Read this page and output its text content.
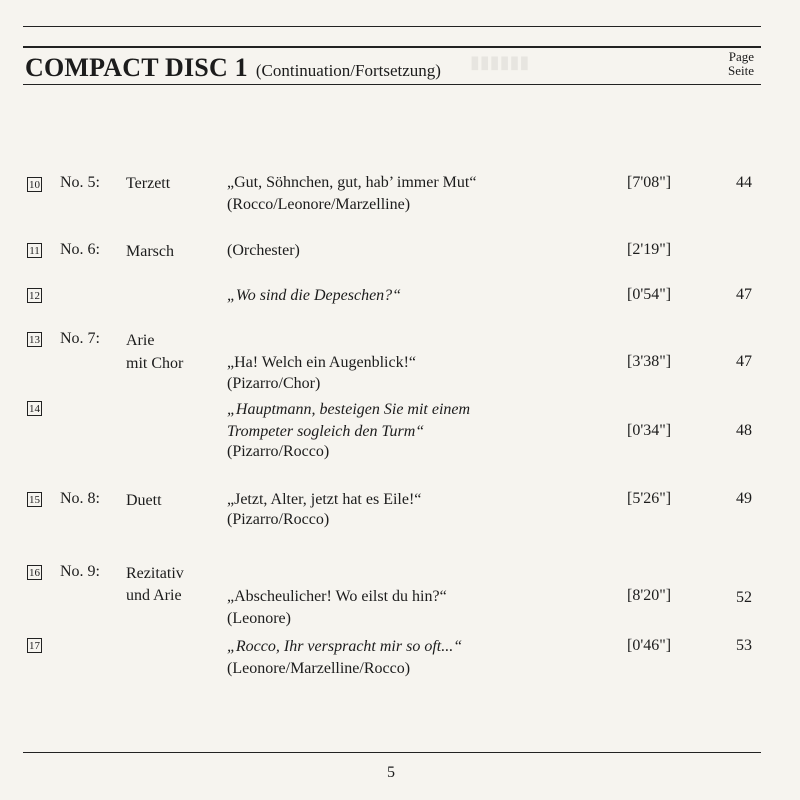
▮▮▮▮▮▮
COMPACT DISC 1 (Continuation/Fortsetzung)
Page
Seite
10 No. 5: Terzett	„Gut, Söhnchen, gut, hab’ immer Mut“
(Rocco/Leonore/Marzelline)
[7'08"]	44
11 No. 6: Marsch	(Orchester)	[2'19"]
12	„Wo sind die Depeschen?“	[0'54"]	47
13 No. 7: Arie
mit Chor	„Ha! Welch ein Augenblick!“
(Pizarro/Chor)
[3'38"]	47
14	„Hauptmann, besteigen Sie mit einem
Trompeter sogleich den Turm“
(Pizarro/Rocco)
[0'34"]	48
15 No. 8: Duett	„Jetzt, Alter, jetzt hat es Eile!“
(Pizarro/Rocco)
[5'26"]	49
16 No. 9: Rezitativ
und Arie	„Abscheulicher! Wo eilst du hin?“
(Leonore)
[8'20"]	52
17	„Rocco, Ihr verspracht mir so oft...“
(Leonore/Marzelline/Rocco)
[0'46"]	53
5
